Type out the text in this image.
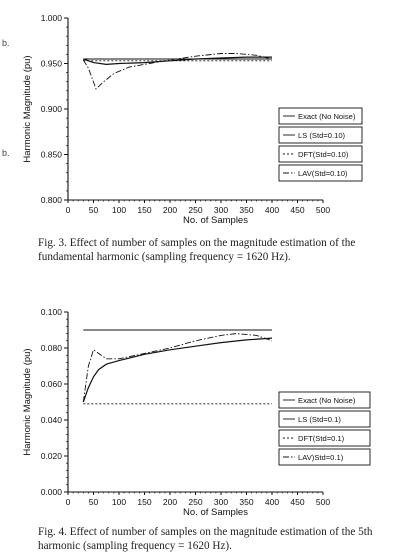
0 50 100 150 200 250 300 350 400 450 500
0.800
0.850
0.900
0.950
1.000
No. of Samples
Harmonic Magnitude (pu)	Exact (No Noise)
LS (Std=0.10)
DFT(Std=0.10)
LAV(Std=0.10)
0 50 100 150 200 250 300 350 400 450 500
0.000
0.020
0.040
0.060
0.080
0.100
No. of Samples
Harmonic Magnitude (pu)	Exact (No Noise)
LS (Std=0.1)
DFT(Std=0.1)
LAV)Std=0.1)
b.
b.

Fig. 3. Effect of number of samples on the magnitude estimation of the fundamental harmonic (sampling frequency = 1620 Hz).

Fig. 4. Effect of number of samples on the magnitude estimation of the 5th harmonic (sampling frequency = 1620 Hz).
